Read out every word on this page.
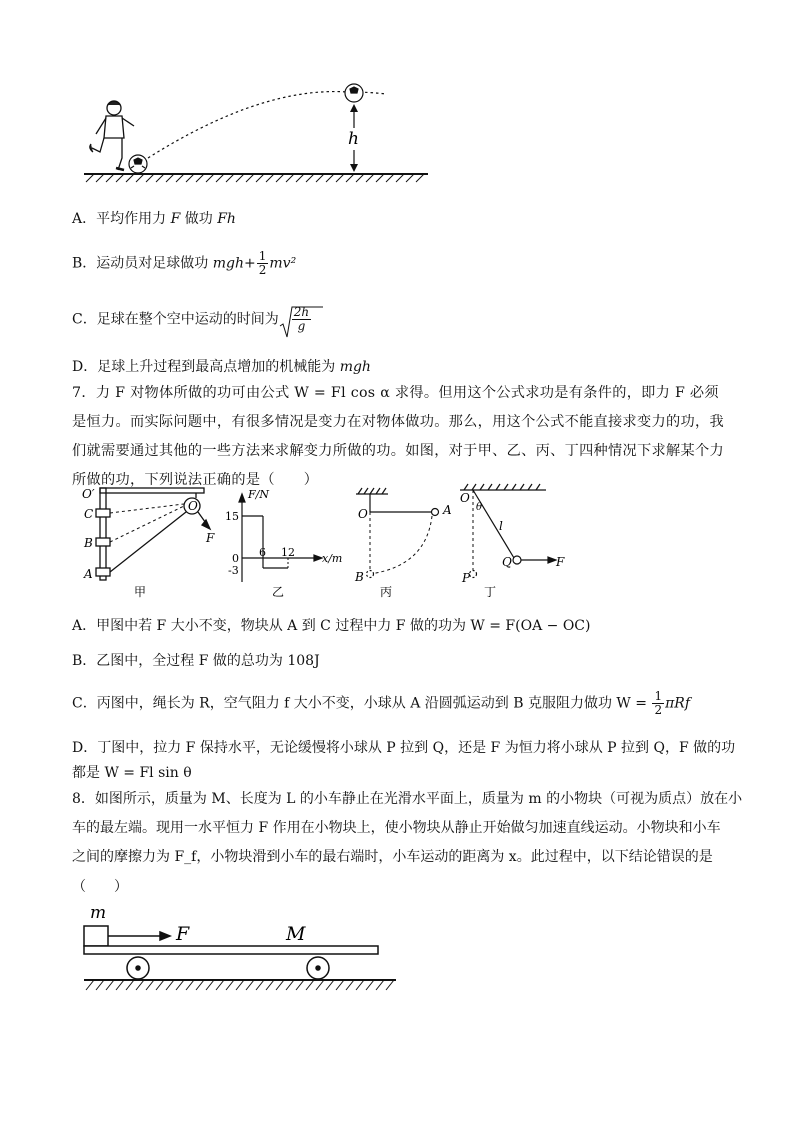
h
A．平均作用力 F 做功 Fh
B．运动员对足球做功 $mgh+ \frac{1}{2} mv^2$
C．足球在整个空中运动的时间为 $\frac{2h}{g}$
D．足球上升过程到最高点增加的机械能为 mgh
7．力 F 对物体所做的功可由公式 W = Fl cos α 求得。但用这个公式求功是有条件的，即力 F 必须是恒力。而实际问题中，有很多情况是变力在对物体做功。那么，用这个公式不能直接求变力的功，我们就需要通过其他的一些方法来求解变力所做的功。如图，对于甲、乙、丙、丁四种情况下求解某个力所做的功，下列说法正确的是（　　）
O′
C
B
A
O
F
甲
F/N
15
0
-3
6 12 x/m
乙
O	A
B
丙
O
θ
l
Q
P
F
丁
A．甲图中若 F 大小不变，物块从 A 到 C 过程中力 F 做的功为 W = F(OA − OC)
B．乙图中，全过程 F 做的总功为 108J
C．丙图中，绳长为 R，空气阻力 f 大小不变，小球从 A 沿圆弧运动到 B 克服阻力做功 $W = \frac{1}{2}$ πRf
D．丁图中，拉力 F 保持水平，无论缓慢将小球从 P 拉到 Q，还是 F 为恒力将小球从 P 拉到 Q，F 做的功
都是 W = Fl sin θ
8．如图所示，质量为 M、长度为 L 的小车静止在光滑水平面上，质量为 m 的小物块（可视为质点）放在小
车的最左端。现用一水平恒力 F 作用在小物块上，使小物块从静止开始做匀加速直线运动。小物块和小车
之间的摩擦力为 F_f，小物块滑到小车的最右端时，小车运动的距离为 x。此过程中，以下结论错误的是
（　　）
m
F	M
